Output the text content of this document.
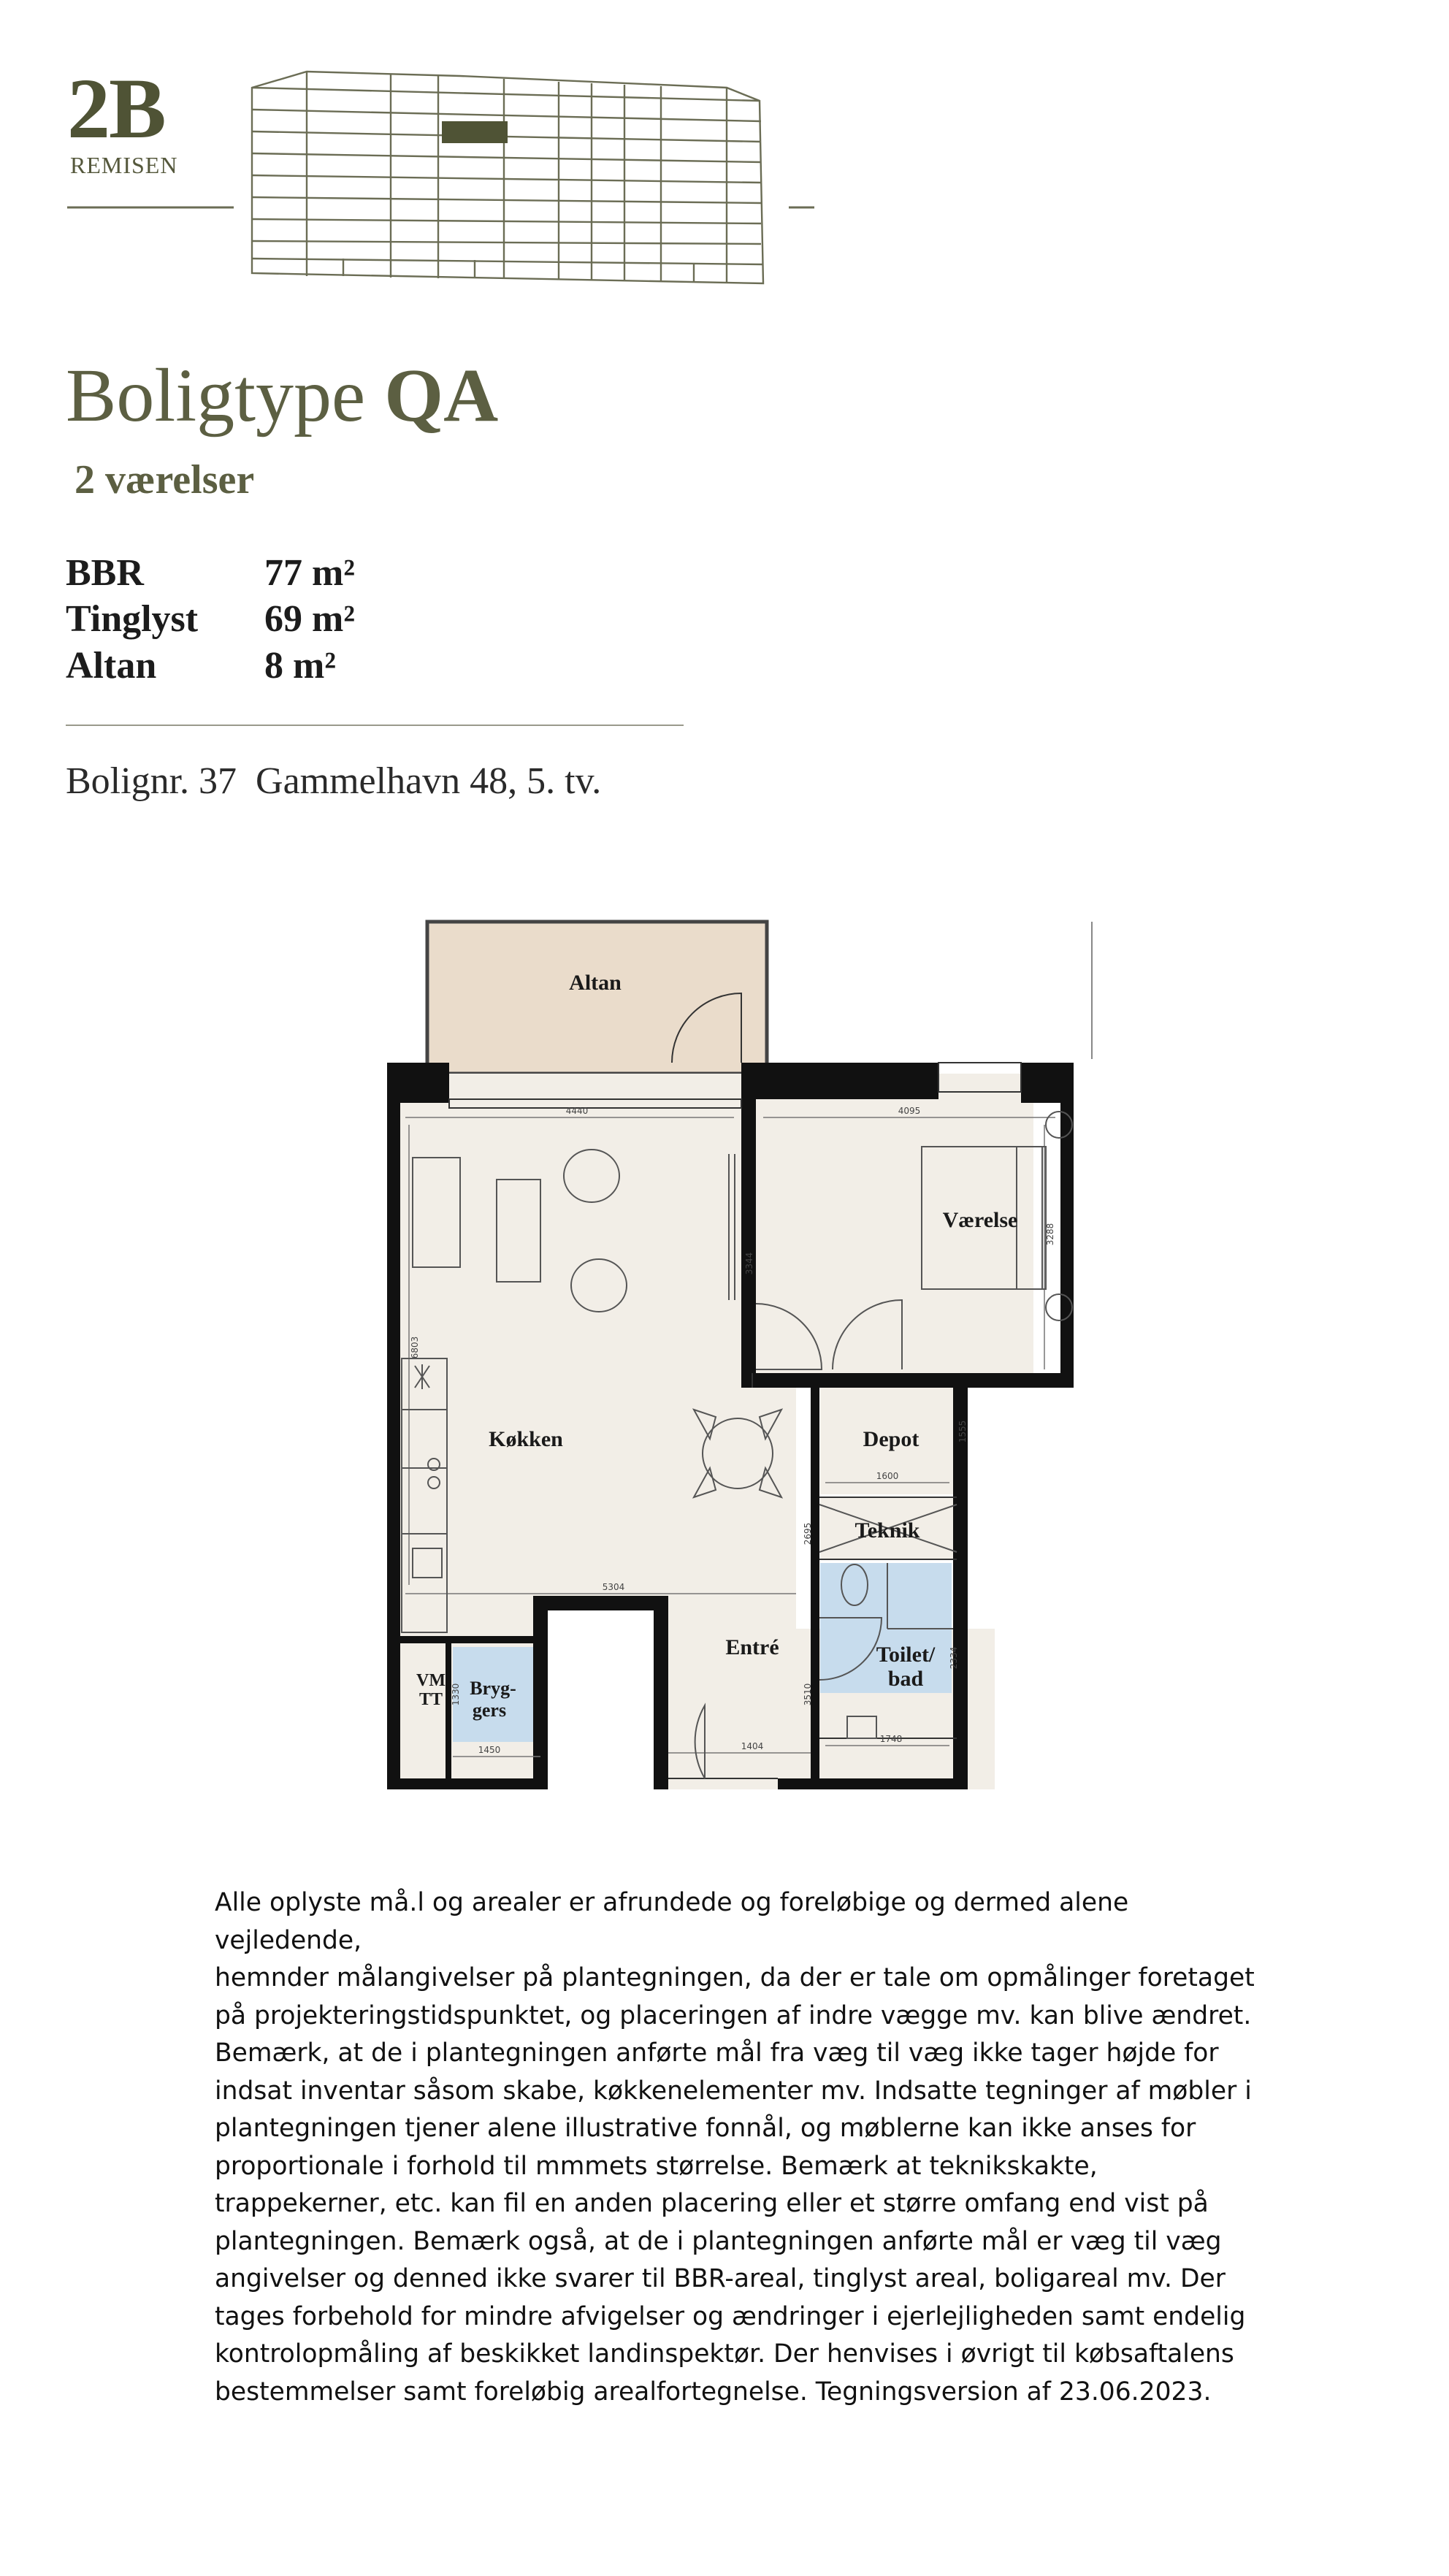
2B
REMISEN
Boligtype QA
2 værelser
BBR	77 m²
Tinglyst 69 m²
Altan	8 m²
Bolignr. 37 Gammelhavn 48, 5. tv.
4440	4095
5304
1600
1748
1404
1450
3288
6803
3344
1555
2695
3510
2334
1330
Altan
Værelse
Køkken	Depot
Teknik
Entré	Toilet/
bad
Bryg-
gers
VM
TT
Alle oplyste må.l og arealer er afrundede og foreløbige og dermed alene vejledende,
hemnder målangivelser på plantegningen, da der er tale om opmålinger foretaget
på projekteringstidspunktet, og placeringen af indre vægge mv. kan blive ændret.
Bemærk, at de i plantegningen anførte mål fra væg til væg ikke tager højde for
indsat inventar såsom skabe, køkkenelementer mv. Indsatte tegninger af møbler i
plantegningen tjener alene illustrative fonnål, og møblerne kan ikke anses for
proportionale i forhold til mmmets størrelse. Bemærk at teknikskakte,
trappekerner, etc. kan fil en anden placering eller et større omfang end vist på
plantegningen. Bemærk også, at de i plantegningen anførte mål er væg til væg
angivelser og denned ikke svarer til BBR-areal, tinglyst areal, boligareal mv. Der
tages forbehold for mindre afvigelser og ændringer i ejerlejligheden samt endelig
kontrolopmåling af beskikket landinspektør. Der henvises i øvrigt til købsaftalens
bestemmelser samt foreløbig arealfortegnelse. Tegningsversion af 23.06.2023.
